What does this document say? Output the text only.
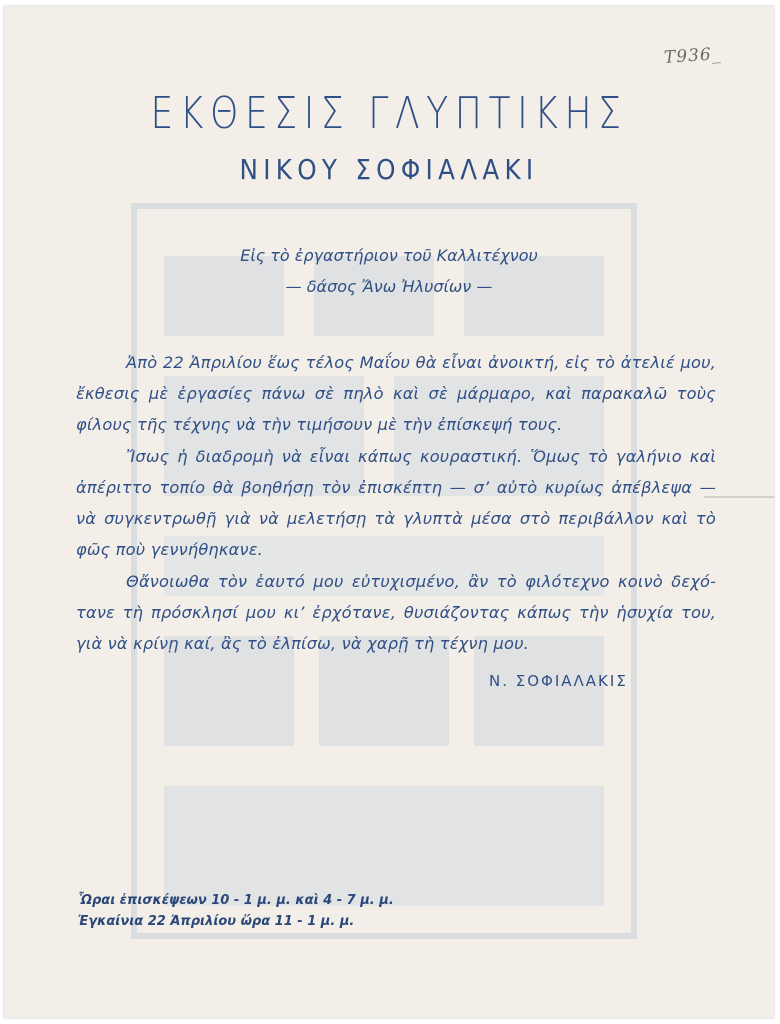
Τ936_
ΕΚΘΕΣΙΣ ΓΛΥΠΤΙΚΗΣ
ΝΙΚΟΥ ΣΟΦΙΑΛΑΚΙ
Εἰς τὸ ἐργαστήριον τοῦ Καλλιτέχνου
— δάσος Ἄνω Ἠλυσίων —
Ἀπὸ 22 Ἀπριλίου ἕως τέλος Μαΐου θὰ εἶναι ἀνοικτή, εἰς τὸ ἀτελιέ μου, ἔκθεσις μὲ ἐργασίες πάνω σὲ πηλὸ καὶ σὲ μάρμαρο, καὶ παρακαλῶ τοὺς φίλους τῆς τέχνης νὰ τὴν τιμήσουν μὲ τὴν ἐπίσκεψή τους.
Ἴσως ἡ διαδρομὴ νὰ εἶναι κάπως κουραστική. Ὅμως τὸ γαλήνιο καὶ ἀπέριττο τοπίο θὰ βοηθήσῃ τὸν ἐπισκέπτη — σ’ αὐτὸ κυρίως ἀπέβλεψα — νὰ συγκεντρωθῇ γιὰ νὰ μελετήσῃ τὰ γλυπτὰ μέσα στὸ περιβάλλον καὶ τὸ φῶς ποὺ γεννήθηκανε.
Θἄνοιωθα τὸν ἑαυτό μου εὐτυχισμένο, ἂν τὸ φιλότεχνο κοινὸ δεχότανε τὴ πρόσκλησί μου κι’ ἐρχότανε, θυσιάζοντας κάπως τὴν ἡσυχία του, γιὰ νὰ κρίνῃ καί, ἂς τὸ ἐλπίσω, νὰ χαρῇ τὴ τέχνη μου.
Ν. ΣΟΦΙΑΛΑΚΙΣ
Ὧραι ἐπισκέψεων 10 - 1 μ. μ. καὶ 4 - 7 μ. μ.
Ἐγκαίνια 22 Ἀπριλίου ὥρα 11 - 1 μ. μ.
